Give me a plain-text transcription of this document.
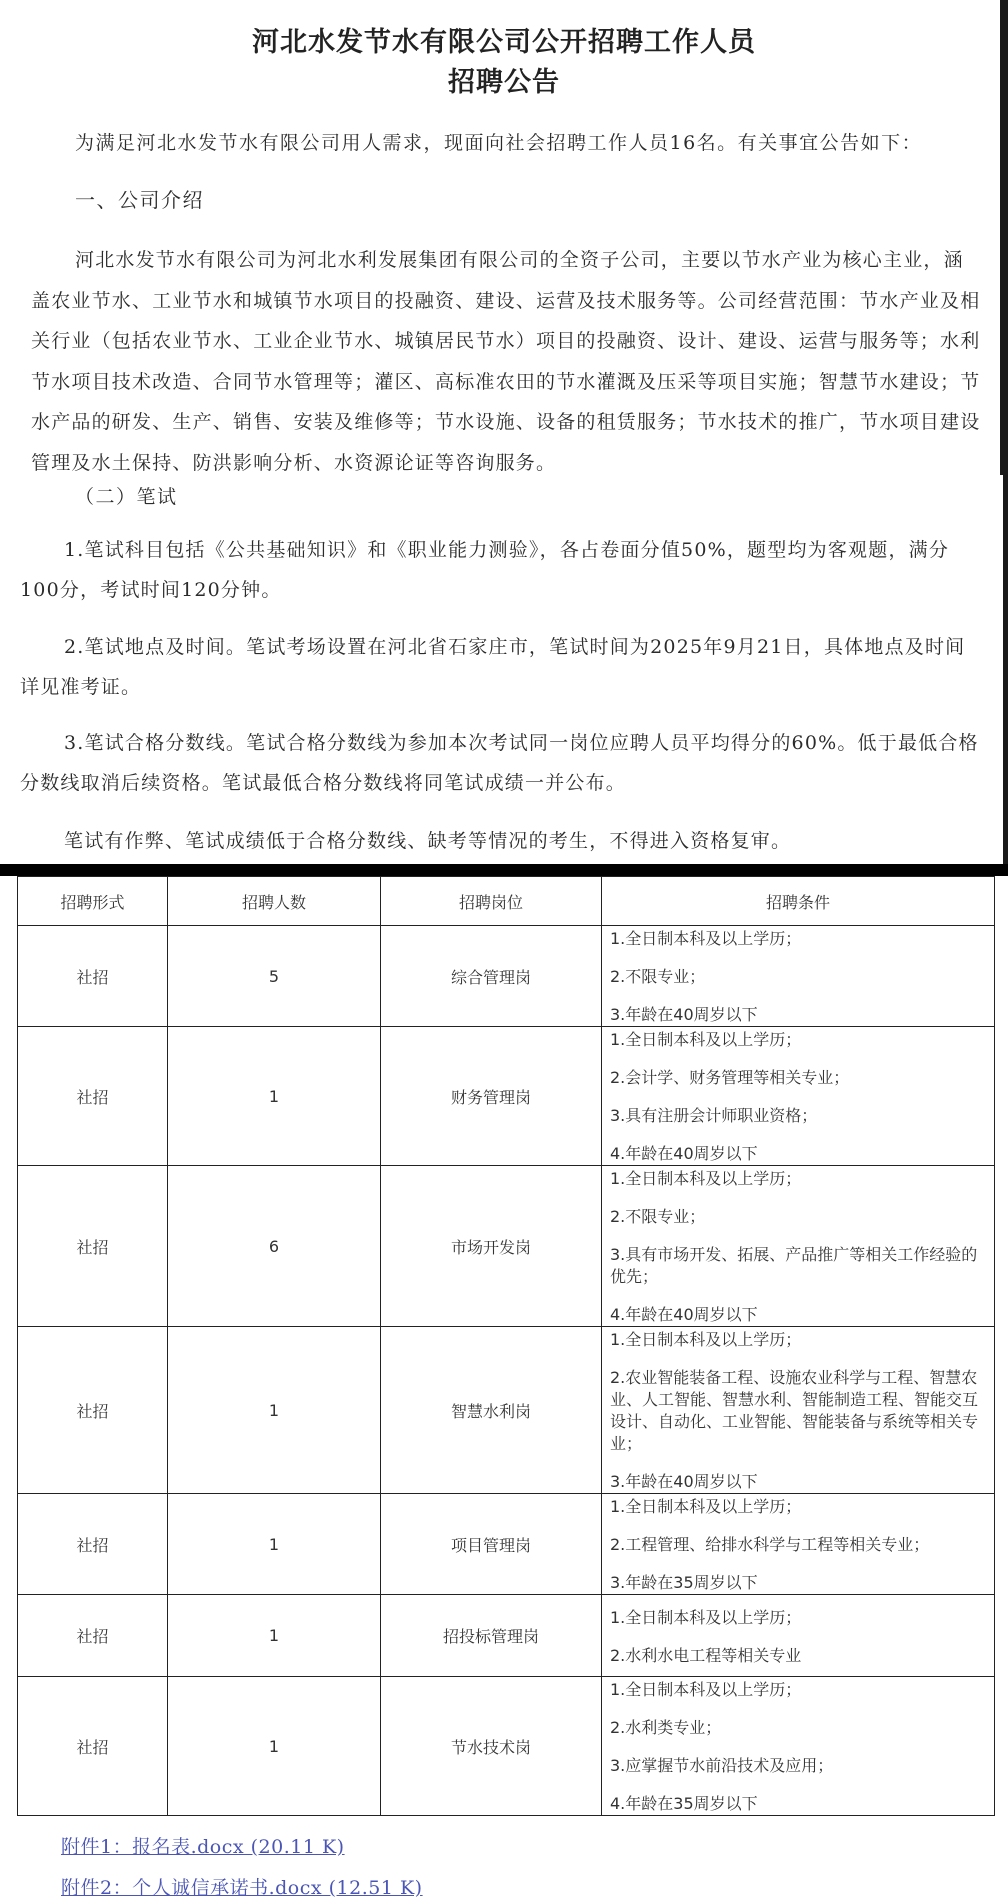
河北水发节水有限公司公开招聘工作人员
招聘公告
为满足河北水发节水有限公司用人需求，现面向社会招聘工作人员16名。有关事宜公告如下：
一、公司介绍
河北水发节水有限公司为河北水利发展集团有限公司的全资子公司，主要以节水产业为核心主业，涵盖农业节水、工业节水和城镇节水项目的投融资、建设、运营及技术服务等。公司经营范围：节水产业及相关行业（包括农业节水、工业企业节水、城镇居民节水）项目的投融资、设计、建设、运营与服务等；水利节水项目技术改造、合同节水管理等；灌区、高标准农田的节水灌溉及压采等项目实施；智慧节水建设；节水产品的研发、生产、销售、安装及维修等；节水设施、设备的租赁服务；节水技术的推广，节水项目建设管理及水土保持、防洪影响分析、水资源论证等咨询服务。
（二）笔试
1.笔试科目包括《公共基础知识》和《职业能力测验》，各占卷面分值50%，题型均为客观题，满分100分，考试时间120分钟。
2.笔试地点及时间。笔试考场设置在河北省石家庄市，笔试时间为2025年9月21日，具体地点及时间详见准考证。
3.笔试合格分数线。笔试合格分数线为参加本次考试同一岗位应聘人员平均得分的60%。低于最低合格分数线取消后续资格。笔试最低合格分数线将同笔试成绩一并公布。
笔试有作弊、笔试成绩低于合格分数线、缺考等情况的考生，不得进入资格复审。
招聘形式	招聘人数	招聘岗位	招聘条件
社招	5	综合管理岗	1.全日制本科及以上学历；
2.不限专业；
3.年龄在40周岁以下

社招	1	财务管理岗	1.全日制本科及以上学历；
2.会计学、财务管理等相关专业；
3.具有注册会计师职业资格；
4.年龄在40周岁以下

社招	6	市场开发岗	1.全日制本科及以上学历；
2.不限专业；
3.具有市场开发、拓展、产品推广等相关工作经验的优先；
4.年龄在40周岁以下

社招	1	智慧水利岗	1.全日制本科及以上学历；
2.农业智能装备工程、设施农业科学与工程、智慧农业、人工智能、智慧水利、智能制造工程、智能交互设计、自动化、工业智能、智能装备与系统等相关专业；
3.年龄在40周岁以下

社招	1	项目管理岗	1.全日制本科及以上学历；
2.工程管理、给排水科学与工程等相关专业；
3.年龄在35周岁以下

社招	1	招投标管理岗	1.全日制本科及以上学历；
2.水利水电工程等相关专业

社招	1	节水技术岗	1.全日制本科及以上学历；
2.水利类专业；
3.应掌握节水前沿技术及应用；
4.年龄在35周岁以下
附件1：报名表.docx (20.11 K)
附件2：个人诚信承诺书.docx (12.51 K)
